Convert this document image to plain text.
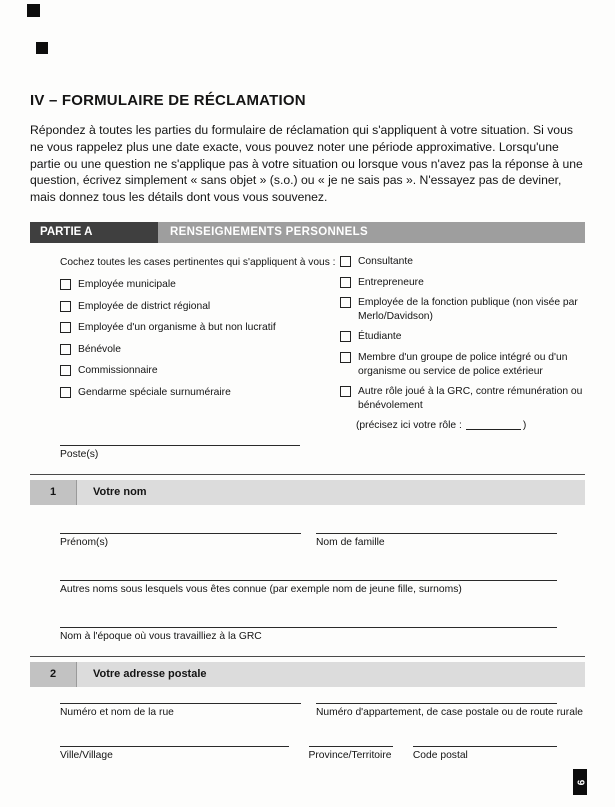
IV – FORMULAIRE DE RÉCLAMATION

Répondez à toutes les parties du formulaire de réclamation qui s'appliquent à votre situation. Si vous ne vous rappelez plus une date exacte, vous pouvez noter une période approximative. Lorsqu'une partie ou une question ne s'applique pas à votre situation ou lorsque vous n'avez pas la réponse à une question, écrivez simplement « sans objet » (s.o.) ou « je ne sais pas ». N'essayez pas de deviner, mais donnez tous les détails dont vous vous souvenez.

PARTIE A	RENSEIGNEMENTS PERSONNELS

Cochez toutes les cases pertinentes qui s'appliquent à vous :

Employée municipale
Employée de district régional
Employée d'un organisme à but non lucratif
Bénévole
Commissionnaire
Gendarme spéciale surnuméraire
Consultante
Entrepreneure
Employée de la fonction publique (non visée par Merlo/Davidson)
Étudiante
Membre d'un groupe de police intégré ou d'un organisme ou service de police extérieur
Autre rôle joué à la GRC, contre rémunération ou bénévolement
(précisez ici votre rôle :	)
Poste(s)
1	Votre nom
Prénom(s)	Nom de famille
Autres noms sous lesquels vous êtes connue (par exemple nom de jeune fille, surnoms)
Nom à l'époque où vous travailliez à la GRC
2	Votre adresse postale
Numéro et nom de la rue	Numéro d'appartement, de case postale ou de route rurale
Ville/Village	Province/Territoire Code postal
9
